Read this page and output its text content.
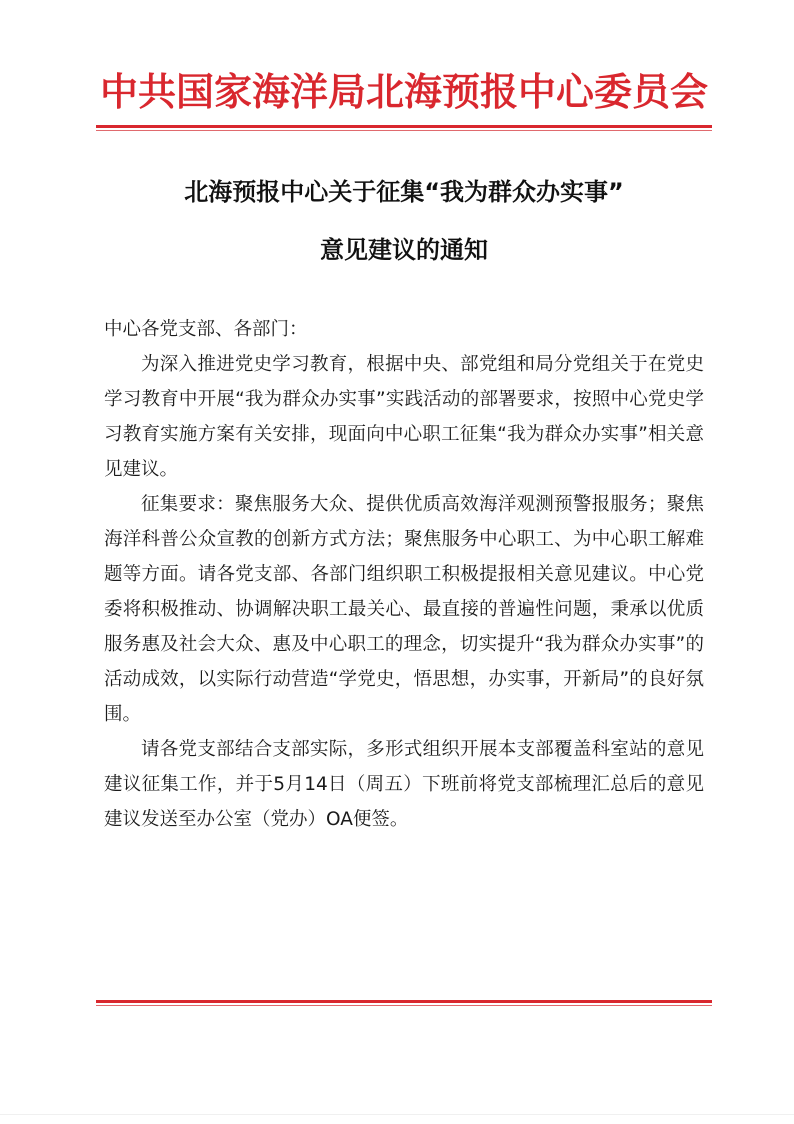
中共国家海洋局北海预报中心委员会
北海预报中心关于征集“我为群众办实事”
意见建议的通知

中心各党支部、各部门：

为深入推进党史学习教育，根据中央、部党组和局分党组关于在党史学习教育中开展“我为群众办实事”实践活动的部署要求，按照中心党史学习教育实施方案有关安排，现面向中心职工征集“我为群众办实事”相关意见建议。

征集要求：聚焦服务大众、提供优质高效海洋观测预警报服务；聚焦海洋科普公众宣教的创新方式方法；聚焦服务中心职工、为中心职工解难题等方面。请各党支部、各部门组织职工积极提报相关意见建议。中心党委将积极推动、协调解决职工最关心、最直接的普遍性问题，秉承以优质服务惠及社会大众、惠及中心职工的理念，切实提升“我为群众办实事”的活动成效，以实际行动营造“学党史，悟思想，办实事，开新局”的良好氛围。

请各党支部结合支部实际，多形式组织开展本支部覆盖科室站的意见建议征集工作，并于5月14日（周五）下班前将党支部梳理汇总后的意见建议发送至办公室（党办）OA便签。
